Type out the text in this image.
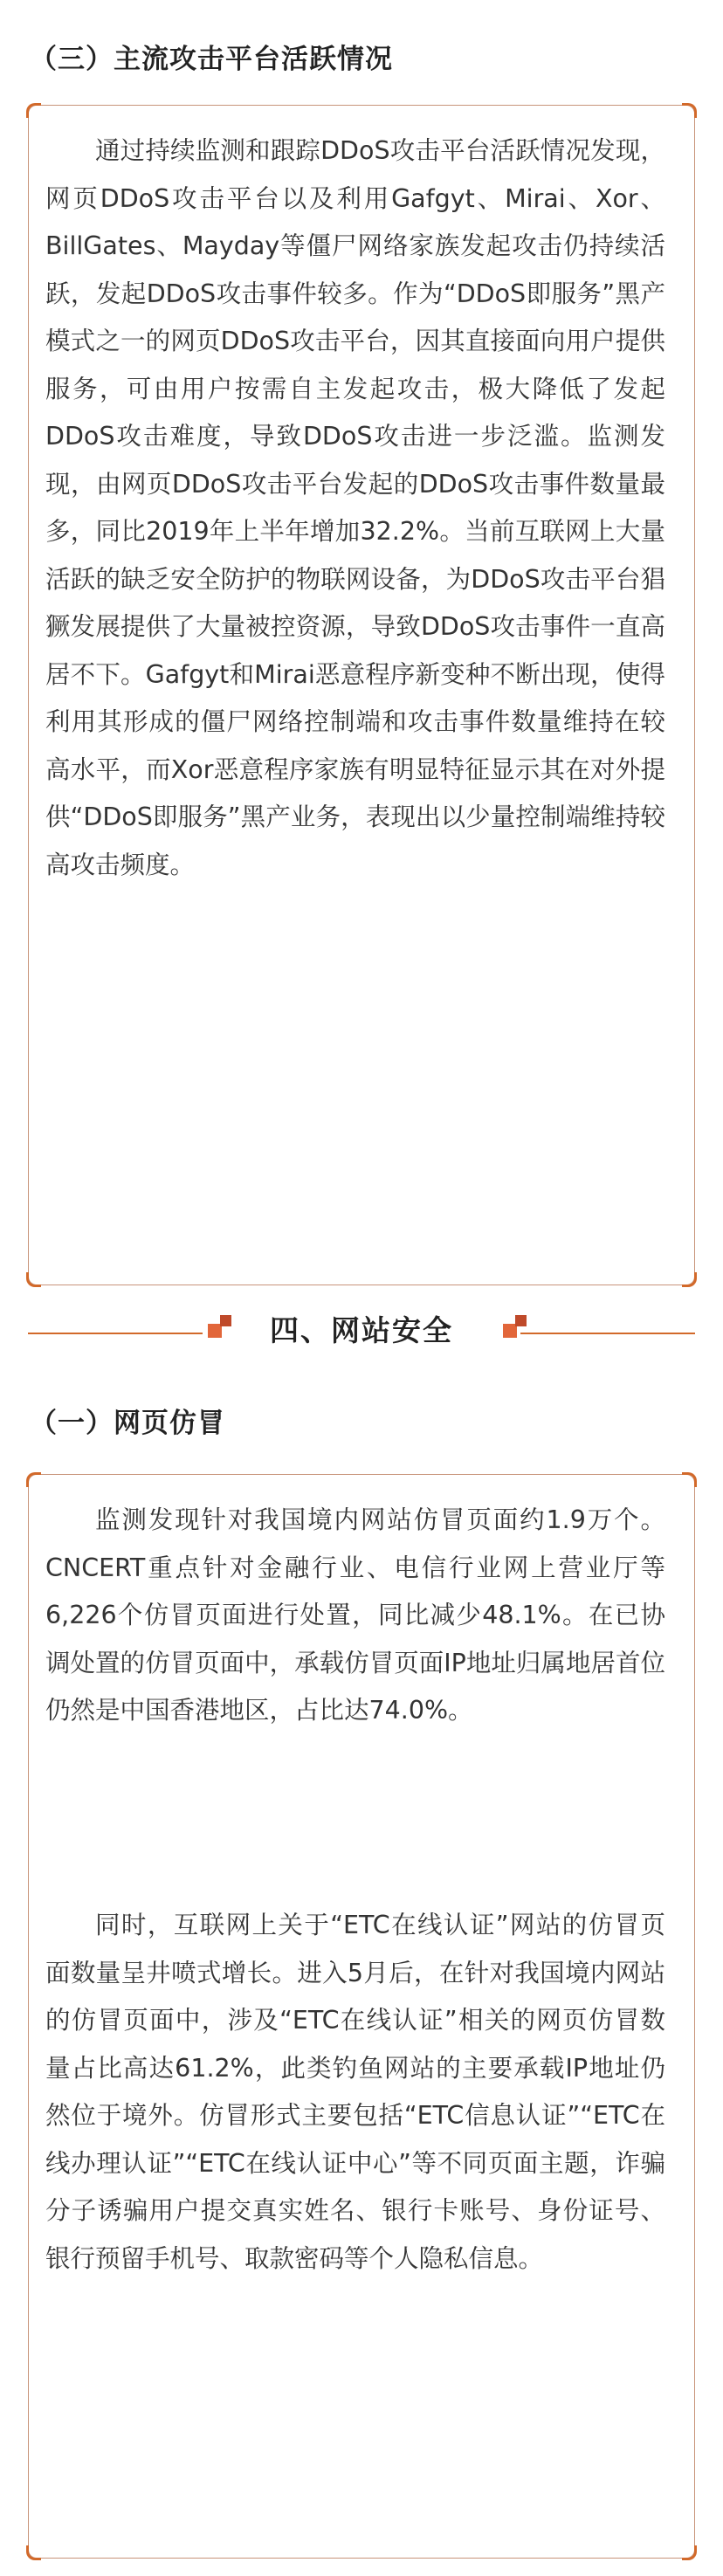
（三）主流攻击平台活跃情况

通过持续监测和跟踪DDoS攻击平台活跃情况发现，网页DDoS攻击平台以及利用Gafgyt、Mirai、Xor、BillGates、Mayday等僵尸网络家族发起攻击仍持续活跃，发起DDoS攻击事件较多。作为“DDoS即服务”黑产模式之一的网页DDoS攻击平台，因其直接面向用户提供服务，可由用户按需自主发起攻击，极大降低了发起DDoS攻击难度，导致DDoS攻击进一步泛滥。监测发现，由网页DDoS攻击平台发起的DDoS攻击事件数量最多，同比2019年上半年增加32.2%。当前互联网上大量活跃的缺乏安全防护的物联网设备，为DDoS攻击平台猖獗发展提供了大量被控资源，导致DDoS攻击事件一直高居不下。Gafgyt和Mirai恶意程序新变种不断出现，使得利用其形成的僵尸网络控制端和攻击事件数量维持在较高水平，而Xor恶意程序家族有明显特征显示其在对外提供“DDoS即服务”黑产业务，表现出以少量控制端维持较高攻击频度。

四、网站安全
（一）网页仿冒

监测发现针对我国境内网站仿冒页面约1.9万个。CNCERT重点针对金融行业、电信行业网上营业厅等6,226个仿冒页面进行处置，同比减少48.1%。在已协调处置的仿冒页面中，承载仿冒页面IP地址归属地居首位仍然是中国香港地区，占比达74.0%。

同时，互联网上关于“ETC在线认证”网站的仿冒页面数量呈井喷式增长。进入5月后，在针对我国境内网站的仿冒页面中，涉及“ETC在线认证”相关的网页仿冒数量占比高达61.2%，此类钓鱼网站的主要承载IP地址仍然位于境外。仿冒形式主要包括“ETC信息认证”“ETC在线办理认证”“ETC在线认证中心”等不同页面主题，诈骗分子诱骗用户提交真实姓名、银行卡账号、身份证号、银行预留手机号、取款密码等个人隐私信息。
